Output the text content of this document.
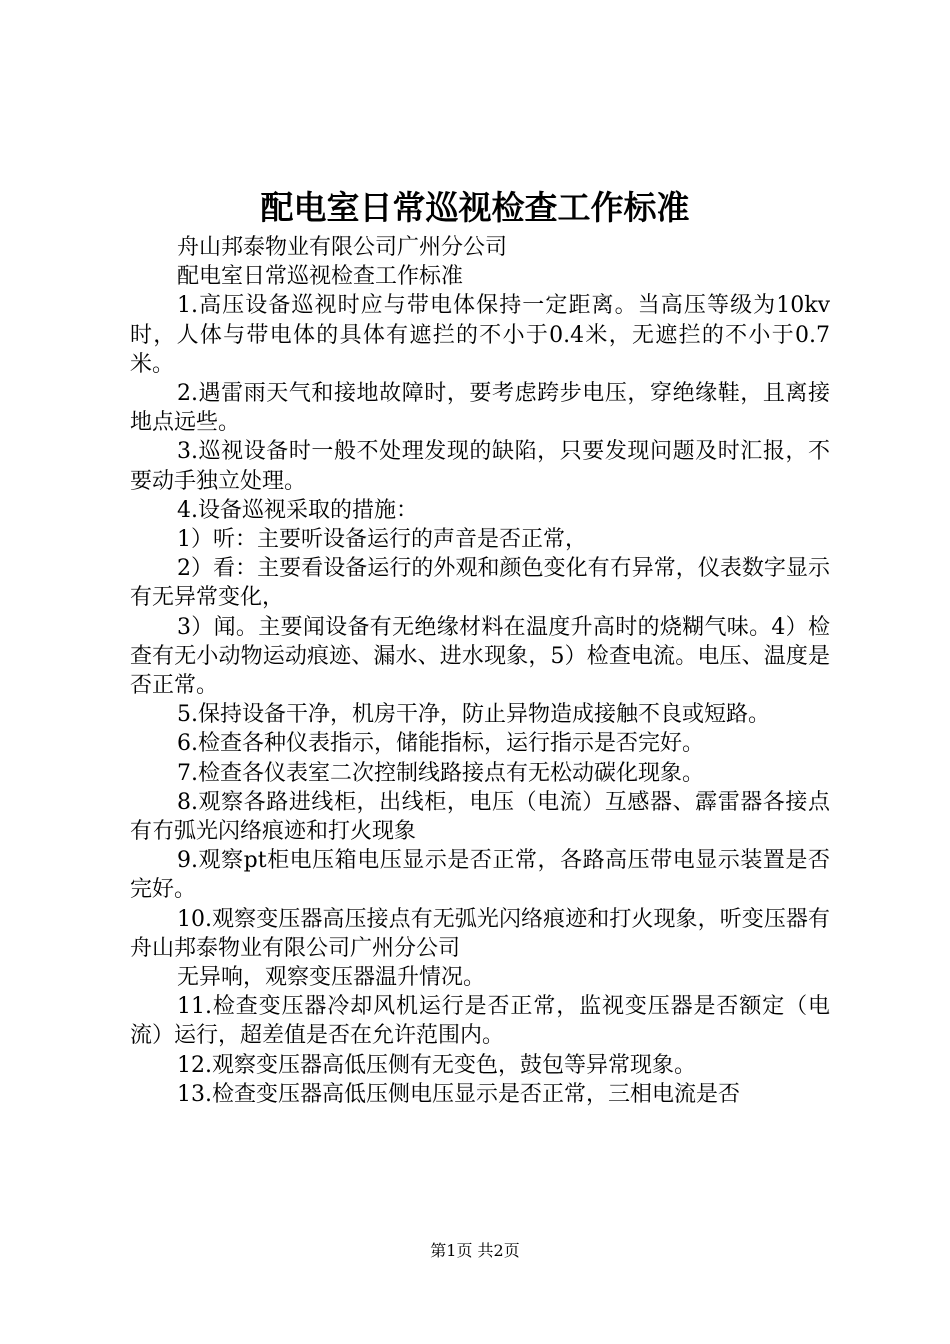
配电室日常巡视检查工作标准

舟山邦泰物业有限公司广州分公司

配电室日常巡视检查工作标准

1.高压设备巡视时应与带电体保持一定距离。当高压等级为10kv时，人体与带电体的具体有遮拦的不小于0.4米，无遮拦的不小于0.7米。

2.遇雷雨天气和接地故障时，要考虑跨步电压，穿绝缘鞋，且离接地点远些。

3.巡视设备时一般不处理发现的缺陷，只要发现问题及时汇报，不要动手独立处理。

4.设备巡视采取的措施：

1）听：主要听设备运行的声音是否正常，

2）看：主要看设备运行的外观和颜色变化有冇异常，仪表数字显示有无异常变化，

3）闻。主要闻设备有无绝缘材料在温度升高时的烧糊气味。4）检查有无小动物运动痕迹、漏水、进水现象，5）检查电流。电压、温度是否正常。

5.保持设备干净，机房干净，防止异物造成接触不良或短路。

6.检查各种仪表指示，储能指标，运行指示是否完好。

7.检查各仪表室二次控制线路接点有无松动碳化现象。

8.观察各路进线柜，出线柜，电压（电流）互感器、霹雷器各接点有冇弧光闪络痕迹和打火现象

9.观察pt柜电压箱电压显示是否正常，各路高压带电显示装置是否完好。

10.观察变压器高压接点有无弧光闪络痕迹和打火现象，听变压器有舟山邦泰物业有限公司广州分公司

无异响，观察变压器温升情况。

11.检查变压器冷却风机运行是否正常，监视变压器是否额定（电流）运行，超差值是否在允许范围内。

12.观察变压器高低压侧有无变色，鼓包等异常现象。

13.检查变压器高低压侧电压显示是否正常，三相电流是否

第1页 共2页
